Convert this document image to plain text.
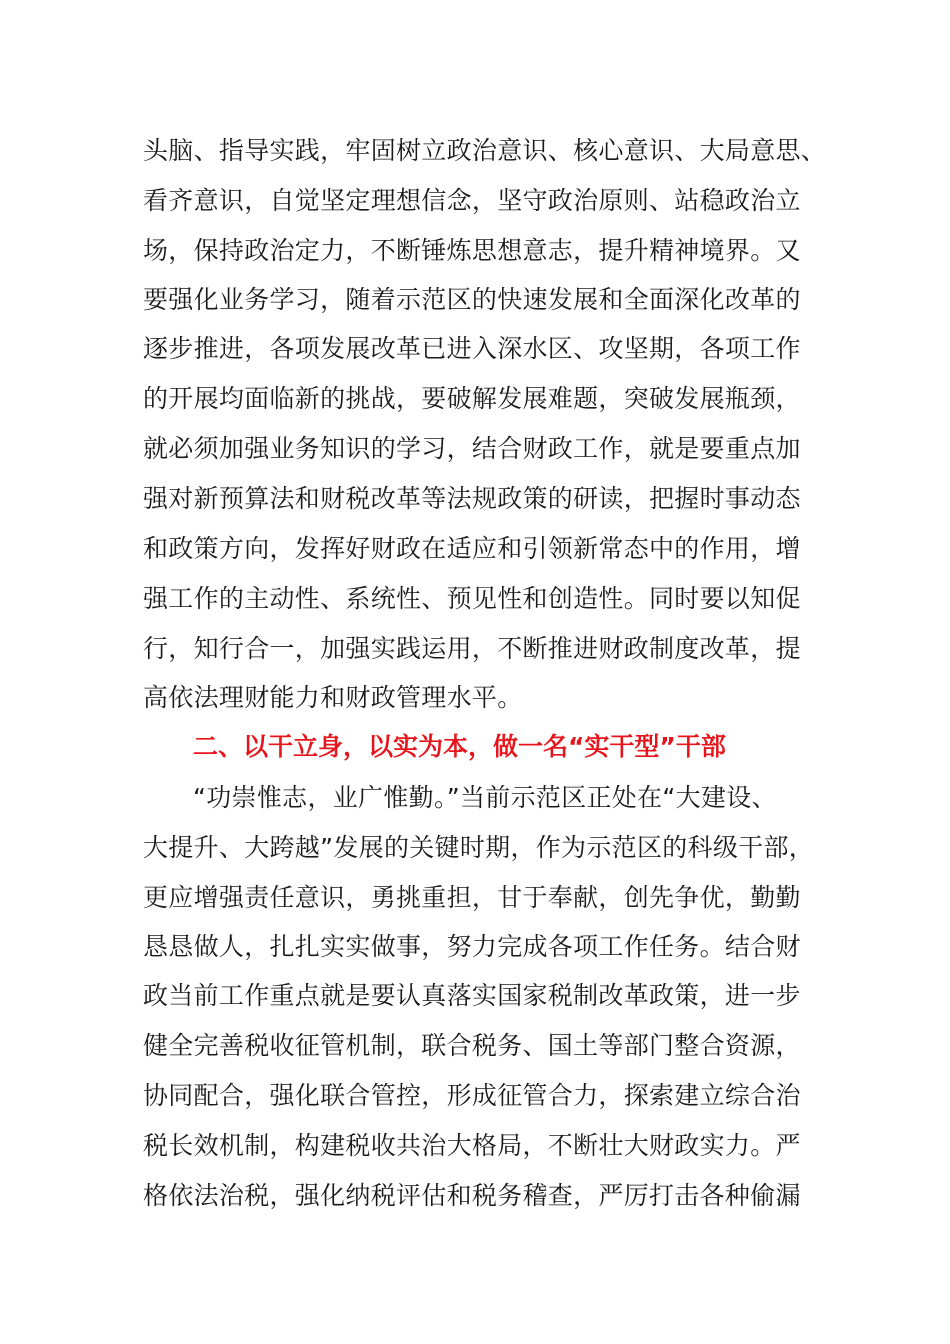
头脑、指导实践，牢固树立政治意识、核心意识、大局意思、
看齐意识，自觉坚定理想信念，坚守政治原则、站稳政治立
场，保持政治定力，不断锤炼思想意志，提升精神境界。又
要强化业务学习，随着示范区的快速发展和全面深化改革的
逐步推进，各项发展改革已进入深水区、攻坚期，各项工作
的开展均面临新的挑战，要破解发展难题，突破发展瓶颈，
就必须加强业务知识的学习，结合财政工作，就是要重点加
强对新预算法和财税改革等法规政策的研读，把握时事动态
和政策方向，发挥好财政在适应和引领新常态中的作用，增
强工作的主动性、系统性、预见性和创造性。同时要以知促
行，知行合一，加强实践运用，不断推进财政制度改革，提
高依法理财能力和财政管理水平。
二、以干立身，以实为本，做一名“实干型”干部
“功崇惟志，业广惟勤。”当前示范区正处在“大建设、
大提升、大跨越”发展的关键时期，作为示范区的科级干部，
更应增强责任意识，勇挑重担，甘于奉献，创先争优，勤勤
恳恳做人，扎扎实实做事，努力完成各项工作任务。结合财
政当前工作重点就是要认真落实国家税制改革政策，进一步
健全完善税收征管机制，联合税务、国土等部门整合资源，
协同配合，强化联合管控，形成征管合力，探索建立综合治
税长效机制，构建税收共治大格局，不断壮大财政实力。严
格依法治税，强化纳税评估和税务稽查，严厉打击各种偷漏
